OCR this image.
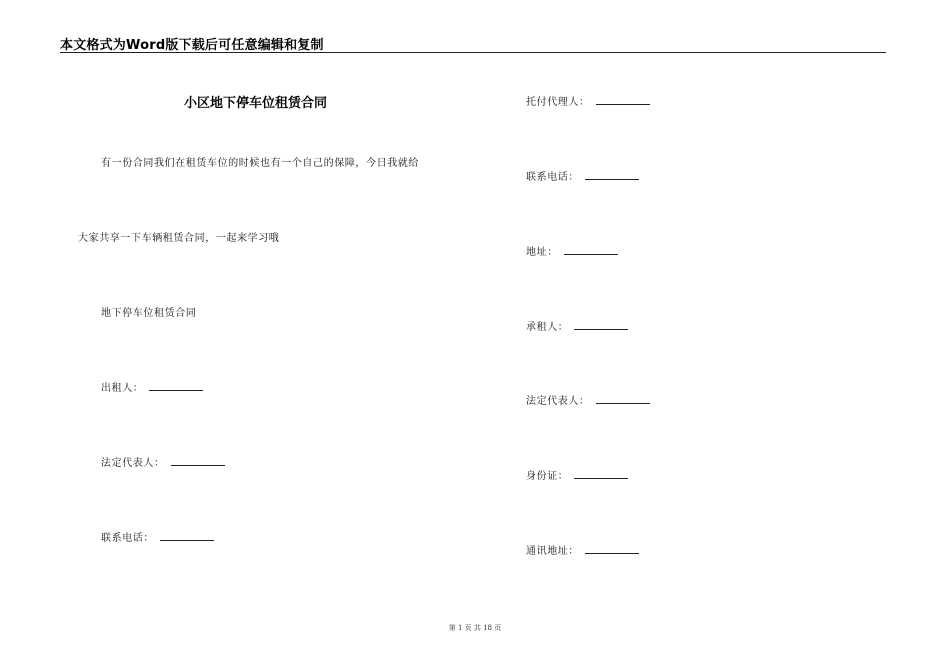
本文格式为Word版下载后可任意编辑和复制
小区地下停车位租赁合同
有一份合同我们在租赁车位的时候也有一个自己的保障，今日我就给
大家共享一下车辆租赁合同，一起来学习哦
地下停车位租赁合同
出租人：
法定代表人：
联系电话：
托付代理人：
联系电话：
地址：
承租人：
法定代表人：
身份证：
通讯地址：
第 1 页 共 18 页
